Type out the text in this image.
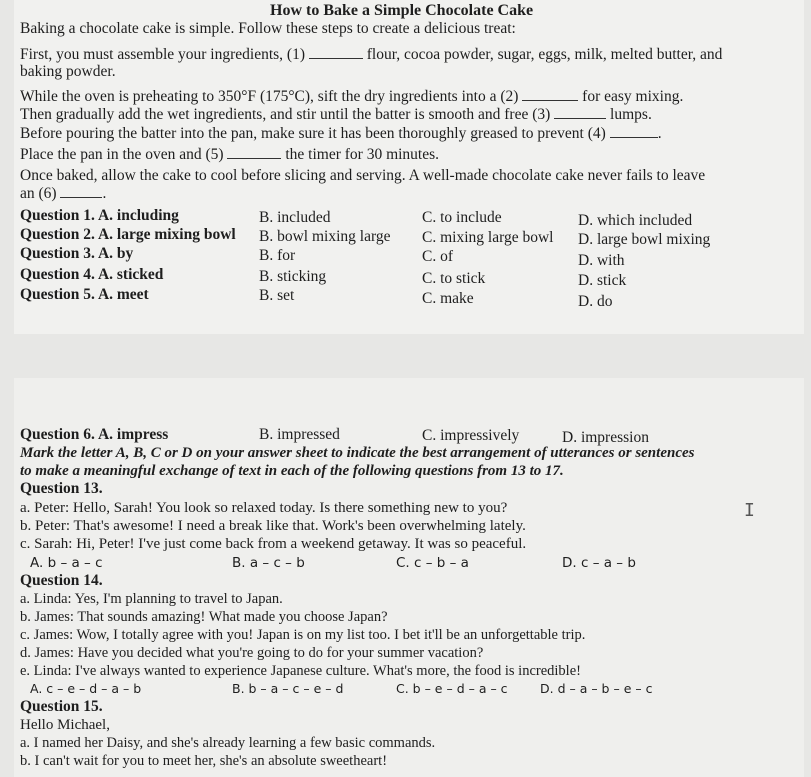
How to Bake a Simple Chocolate Cake
Baking a chocolate cake is simple. Follow these steps to create a delicious treat:
First, you must assemble your ingredients, (1)	flour, cocoa powder, sugar, eggs, milk, melted butter, and
baking powder.
While the oven is preheating to 350°F (175°C), sift the dry ingredients into a (2)	for easy mixing.
Then gradually add the wet ingredients, and stir until the batter is smooth and free (3)	lumps.
Before pouring the batter into the pan, make sure it has been thoroughly greased to prevent (4)	.
Place the pan in the oven and (5)	the timer for 30 minutes.
Once baked, allow the cake to cool before slicing and serving. A well-made chocolate cake never fails to leave
an (6)	.
Question 1. A. including	B. included	C. to include	D. which included
Question 2. A. large mixing bowl B. bowl mixing large C. mixing large bowl D. large bowl mixing
Question 3. A. by	B. for	C. of	D. with
Question 4. A. sticked	B. sticking	C. to stick	D. stick
Question 5. A. meet	B. set	C. make	D. do
Question 6. A. impress	B. impressed	C. impressively	D. impression
Mark the letter A, B, C or D on your answer sheet to indicate the best arrangement of utterances or sentences
to make a meaningful exchange of text in each of the following questions from 13 to 17.
Question 13.
a. Peter: Hello, Sarah! You look so relaxed today. Is there something new to you?
b. Peter: That's awesome! I need a break like that. Work's been overwhelming lately.
c. Sarah: Hi, Peter! I've just come back from a weekend getaway. It was so peaceful.
A. b – a – c	B. a – c – b	C. c – b – a	D. c – a – b
Question 14.
a. Linda: Yes, I'm planning to travel to Japan.
b. James: That sounds amazing! What made you choose Japan?
c. James: Wow, I totally agree with you! Japan is on my list too. I bet it'll be an unforgettable trip.
d. James: Have you decided what you're going to do for your summer vacation?
e. Linda: I've always wanted to experience Japanese culture. What's more, the food is incredible!
A. c – e – d – a – b	B. b – a – c – e – d	C. b – e – d – a – c	D. d – a – b – e – c
Question 15.
Hello Michael,
a. I named her Daisy, and she's already learning a few basic commands.
b. I can't wait for you to meet her, she's an absolute sweetheart!
I
